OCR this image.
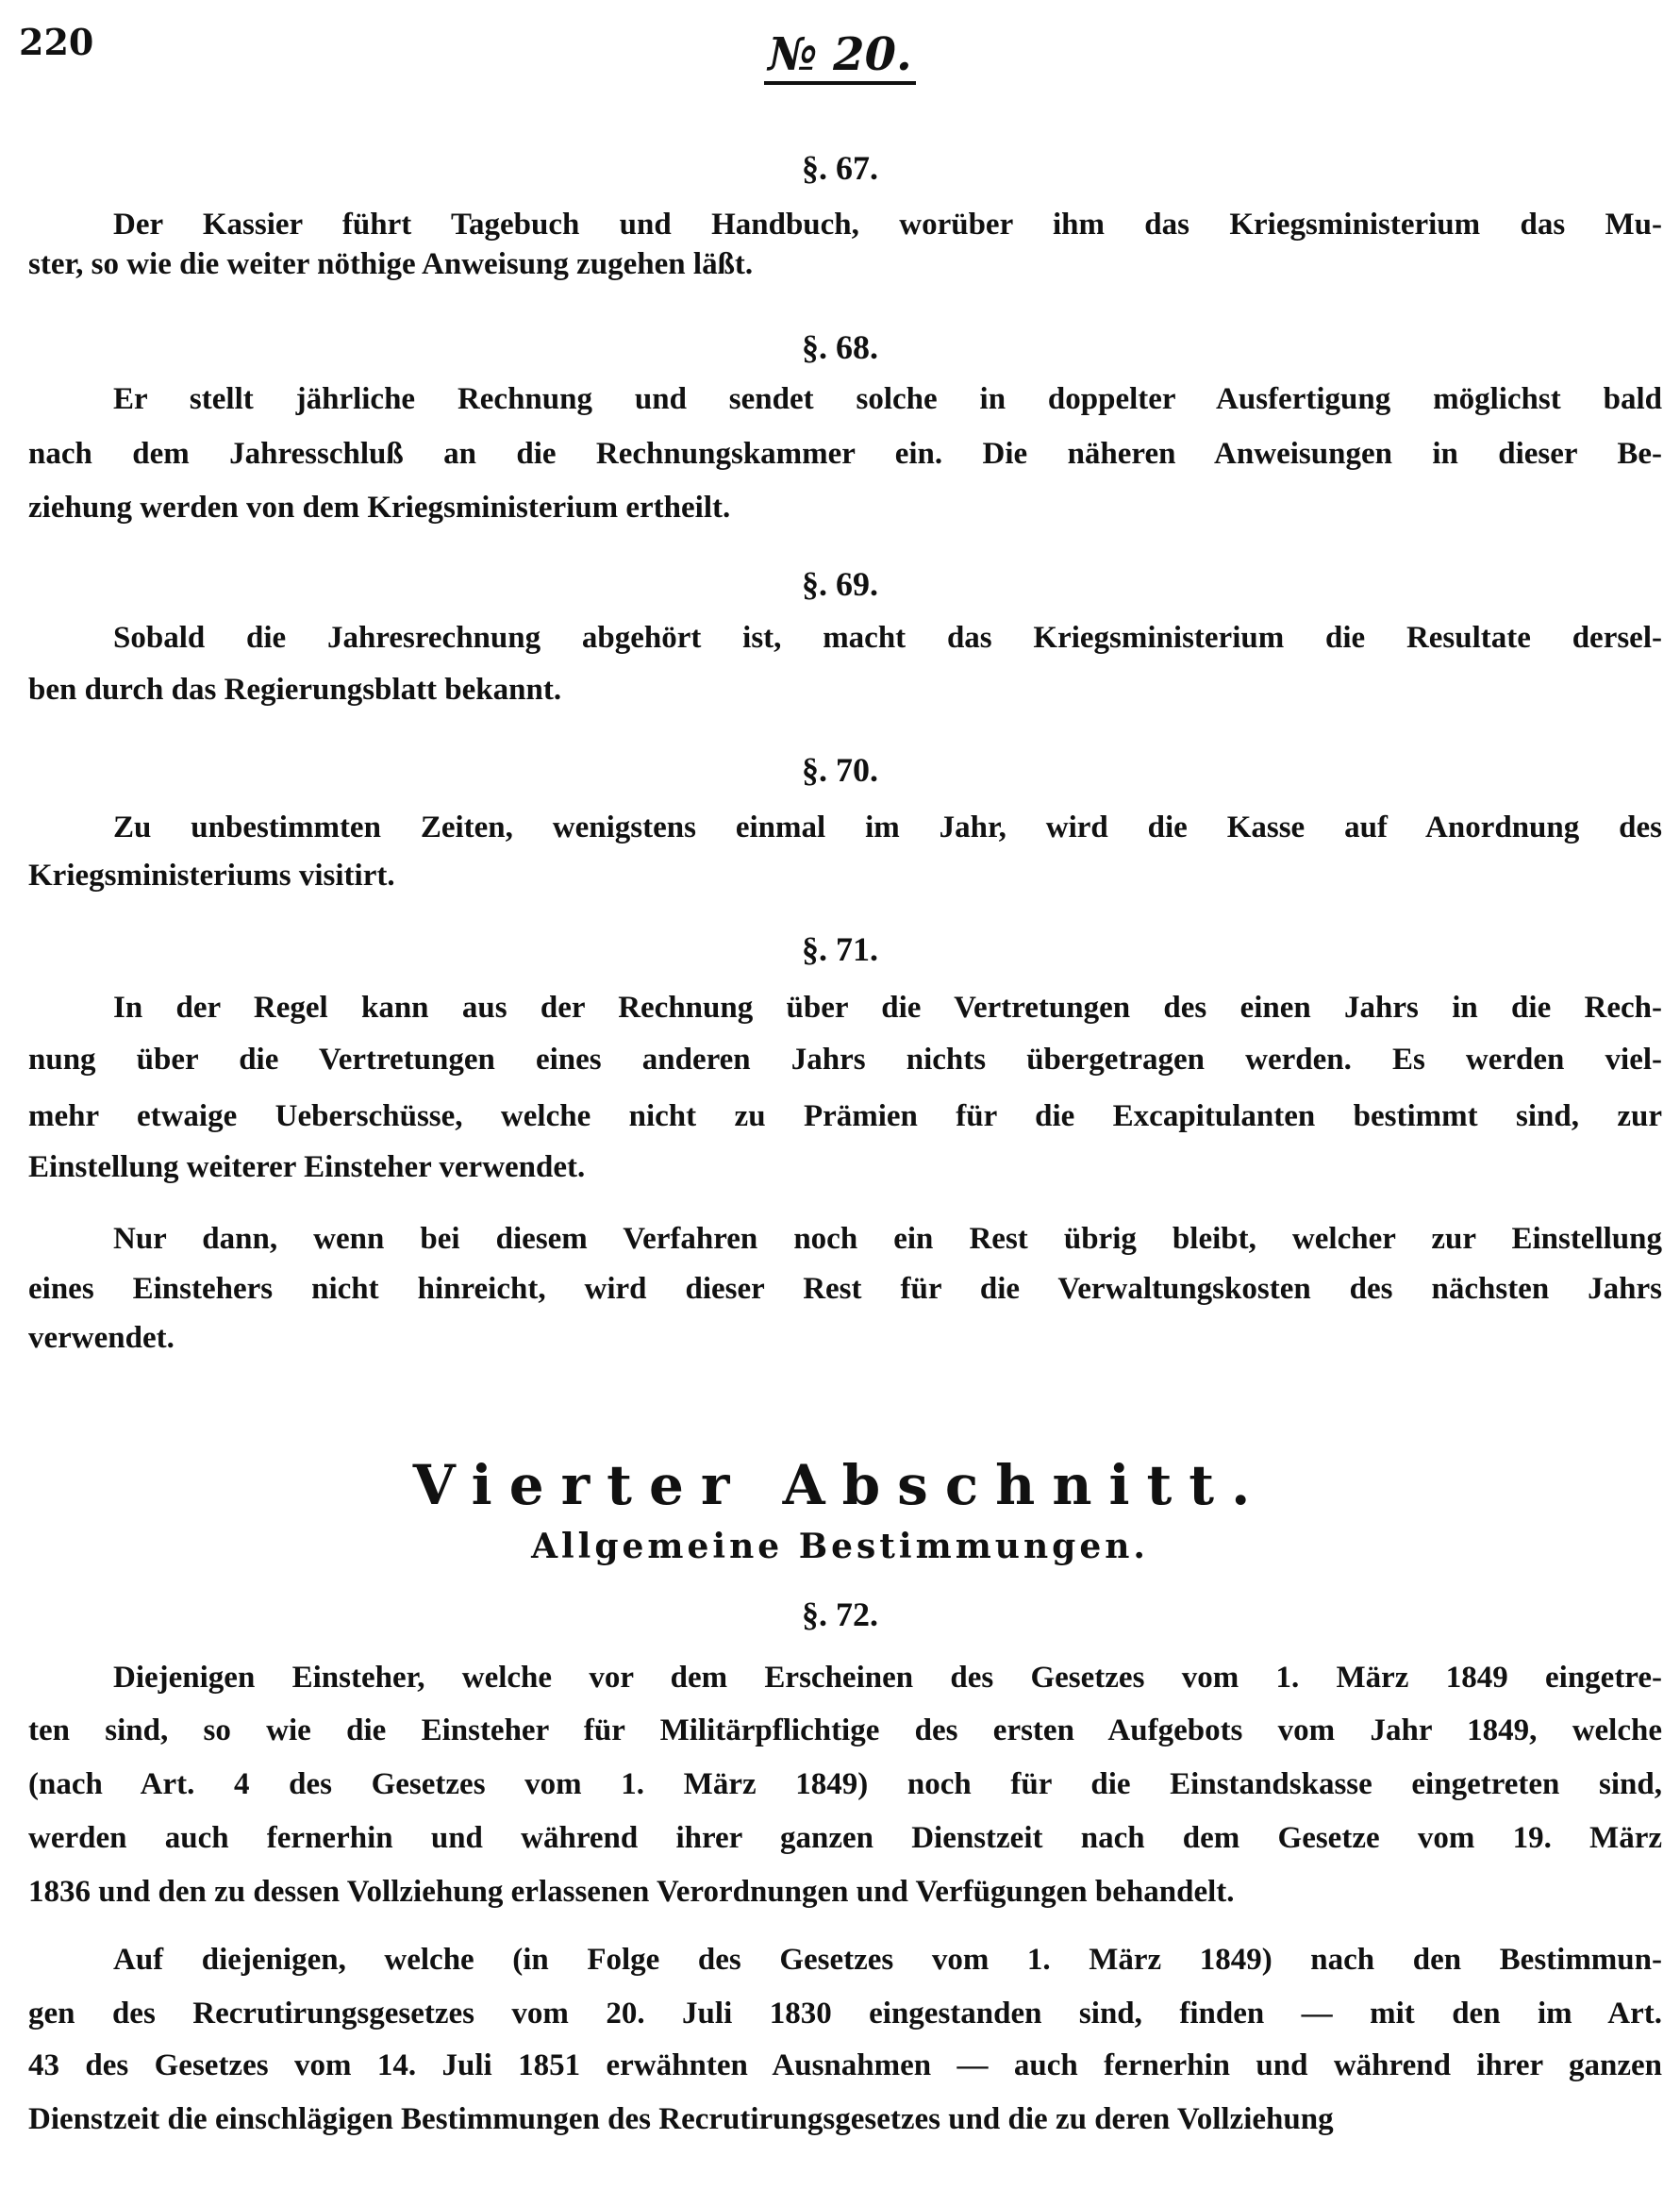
220	№ 20.
§. 67.
Der Kassier führt Tagebuch und Handbuch, worüber ihm das Kriegsministerium das Mu-
ster, so wie die weiter nöthige Anweisung zugehen läßt.
§. 68.
Er stellt jährliche Rechnung und sendet solche in doppelter Ausfertigung möglichst bald
nach dem Jahresschluß an die Rechnungskammer ein. Die näheren Anweisungen in dieser Be-
ziehung werden von dem Kriegsministerium ertheilt.
§. 69.
Sobald die Jahresrechnung abgehört ist, macht das Kriegsministerium die Resultate dersel-
ben durch das Regierungsblatt bekannt.
§. 70.
Zu unbestimmten Zeiten, wenigstens einmal im Jahr, wird die Kasse auf Anordnung des
Kriegsministeriums visitirt.
§. 71.
In der Regel kann aus der Rechnung über die Vertretungen des einen Jahrs in die Rech-
nung über die Vertretungen eines anderen Jahrs nichts übergetragen werden. Es werden viel-
mehr etwaige Ueberschüsse, welche nicht zu Prämien für die Excapitulanten bestimmt sind, zur
Einstellung weiterer Einsteher verwendet.
Nur dann, wenn bei diesem Verfahren noch ein Rest übrig bleibt, welcher zur Einstellung
eines Einstehers nicht hinreicht, wird dieser Rest für die Verwaltungskosten des nächsten Jahrs
verwendet.
Vierter Abschnitt.
Allgemeine Bestimmungen.
§. 72.
Diejenigen Einsteher, welche vor dem Erscheinen des Gesetzes vom 1. März 1849 eingetre-
ten sind, so wie die Einsteher für Militärpflichtige des ersten Aufgebots vom Jahr 1849, welche
(nach Art. 4 des Gesetzes vom 1. März 1849) noch für die Einstandskasse eingetreten sind,
werden auch fernerhin und während ihrer ganzen Dienstzeit nach dem Gesetze vom 19. März
1836 und den zu dessen Vollziehung erlassenen Verordnungen und Verfügungen behandelt.
Auf diejenigen, welche (in Folge des Gesetzes vom 1. März 1849) nach den Bestimmun-
gen des Recrutirungsgesetzes vom 20. Juli 1830 eingestanden sind, finden — mit den im Art.
43 des Gesetzes vom 14. Juli 1851 erwähnten Ausnahmen — auch fernerhin und während ihrer ganzen
Dienstzeit die einschlägigen Bestimmungen des Recrutirungsgesetzes und die zu deren Vollziehung
